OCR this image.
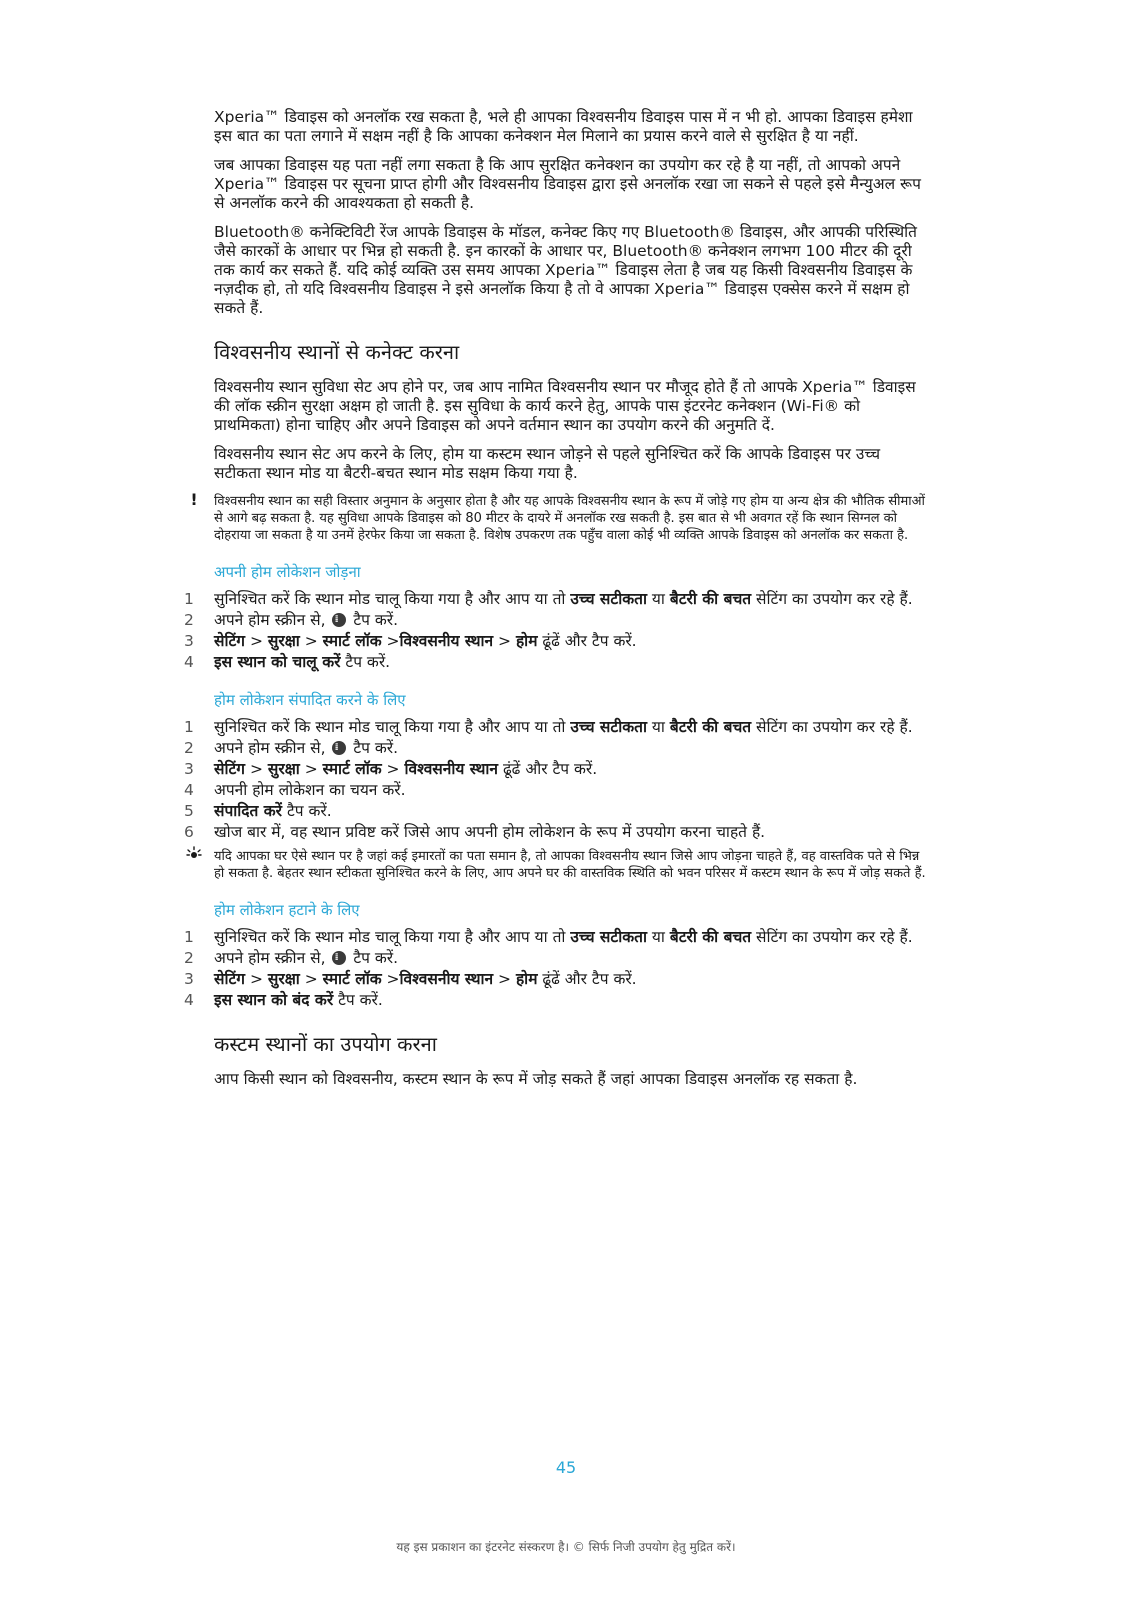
Xperia™ डिवाइस को अनलॉक रख सकता है, भले ही आपका विश्वसनीय डिवाइस पास में न भी हो. आपका डिवाइस हमेशा इस बात का पता लगाने में सक्षम नहीं है कि आपका कनेक्शन मेल मिलाने का प्रयास करने वाले से सुरक्षित है या नहीं.

जब आपका डिवाइस यह पता नहीं लगा सकता है कि आप सुरक्षित कनेक्शन का उपयोग कर रहे है या नहीं, तो आपको अपने Xperia™ डिवाइस पर सूचना प्राप्त होगी और विश्वसनीय डिवाइस द्वारा इसे अनलॉक रखा जा सकने से पहले इसे मैन्युअल रूप से अनलॉक करने की आवश्यकता हो सकती है.

Bluetooth® कनेक्टिविटी रेंज आपके डिवाइस के मॉडल, कनेक्ट किए गए Bluetooth® डिवाइस, और आपकी परिस्थिति जैसे कारकों के आधार पर भिन्न हो सकती है. इन कारकों के आधार पर, Bluetooth® कनेक्शन लगभग 100 मीटर की दूरी तक कार्य कर सकते हैं. यदि कोई व्यक्ति उस समय आपका Xperia™ डिवाइस लेता है जब यह किसी विश्वसनीय डिवाइस के नज़दीक हो, तो यदि विश्वसनीय डिवाइस ने इसे अनलॉक किया है तो वे आपका Xperia™ डिवाइस एक्सेस करने में सक्षम हो सकते हैं.

विश्वसनीय स्थानों से कनेक्ट करना

विश्वसनीय स्थान सुविधा सेट अप होने पर, जब आप नामित विश्वसनीय स्थान पर मौजूद होते हैं तो आपके Xperia™ डिवाइस की लॉक स्क्रीन सुरक्षा अक्षम हो जाती है. इस सुविधा के कार्य करने हेतु, आपके पास इंटरनेट कनेक्शन (Wi-Fi® को प्राथमिकता) होना चाहिए और अपने डिवाइस को अपने वर्तमान स्थान का उपयोग करने की अनुमति दें.

विश्वसनीय स्थान सेट अप करने के लिए, होम या कस्टम स्थान जोड़ने से पहले सुनिश्चित करें कि आपके डिवाइस पर उच्च सटीकता स्थान मोड या बैटरी-बचत स्थान मोड सक्षम किया गया है.

!	विश्वसनीय स्थान का सही विस्तार अनुमान के अनुसार होता है और यह आपके विश्वसनीय स्थान के रूप में जोड़े गए होम या अन्य क्षेत्र की भौतिक सीमाओं से आगे बढ़ सकता है. यह सुविधा आपके डिवाइस को 80 मीटर के दायरे में अनलॉक रख सकती है. इस बात से भी अवगत रहें कि स्थान सिग्नल को दोहराया जा सकता है या उनमें हेरफेर किया जा सकता है. विशेष उपकरण तक पहुँच वाला कोई भी व्यक्ति आपके डिवाइस को अनलॉक कर सकता है.
अपनी होम लोकेशन जोड़ना
1	सुनिश्चित करें कि स्थान मोड चालू किया गया है और आप या तो उच्च सटीकता या बैटरी की बचत सेटिंग का उपयोग कर रहे हैं.
2	अपने होम स्क्रीन से, ⁞⁞ टैप करें.
3	सेटिंग > सुरक्षा > स्मार्ट लॉक >विश्वसनीय स्थान > होम ढूंढें और टैप करें.
4	इस स्थान को चालू करें टैप करें.
होम लोकेशन संपादित करने के लिए
1	सुनिश्चित करें कि स्थान मोड चालू किया गया है और आप या तो उच्च सटीकता या बैटरी की बचत सेटिंग का उपयोग कर रहे हैं.
2	अपने होम स्क्रीन से, ⁞⁞ टैप करें.
3	सेटिंग > सुरक्षा > स्मार्ट लॉक > विश्वसनीय स्थान ढूंढें और टैप करें.
4	अपनी होम लोकेशन का चयन करें.
5	संपादित करें टैप करें.
6	खोज बार में, वह स्थान प्रविष्ट करें जिसे आप अपनी होम लोकेशन के रूप में उपयोग करना चाहते हैं.
यदि आपका घर ऐसे स्थान पर है जहां कई इमारतों का पता समान है, तो आपका विश्वसनीय स्थान जिसे आप जोड़ना चाहते हैं, वह वास्तविक पते से भिन्न हो सकता है. बेहतर स्थान स्टीकता सुनिश्चित करने के लिए, आप अपने घर की वास्तविक स्थिति को भवन परिसर में कस्टम स्थान के रूप में जोड़ सकते हैं.
होम लोकेशन हटाने के लिए
1	सुनिश्चित करें कि स्थान मोड चालू किया गया है और आप या तो उच्च सटीकता या बैटरी की बचत सेटिंग का उपयोग कर रहे हैं.
2	अपने होम स्क्रीन से, ⁞⁞ टैप करें.
3	सेटिंग > सुरक्षा > स्मार्ट लॉक >विश्वसनीय स्थान > होम ढूंढें और टैप करें.
4	इस स्थान को बंद करें टैप करें.
कस्टम स्थानों का उपयोग करना

आप किसी स्थान को विश्वसनीय, कस्टम स्थान के रूप में जोड़ सकते हैं जहां आपका डिवाइस अनलॉक रह सकता है.

45
यह इस प्रकाशन का इंटरनेट संस्करण है। © सिर्फ निजी उपयोग हेतु मुद्रित करें।
